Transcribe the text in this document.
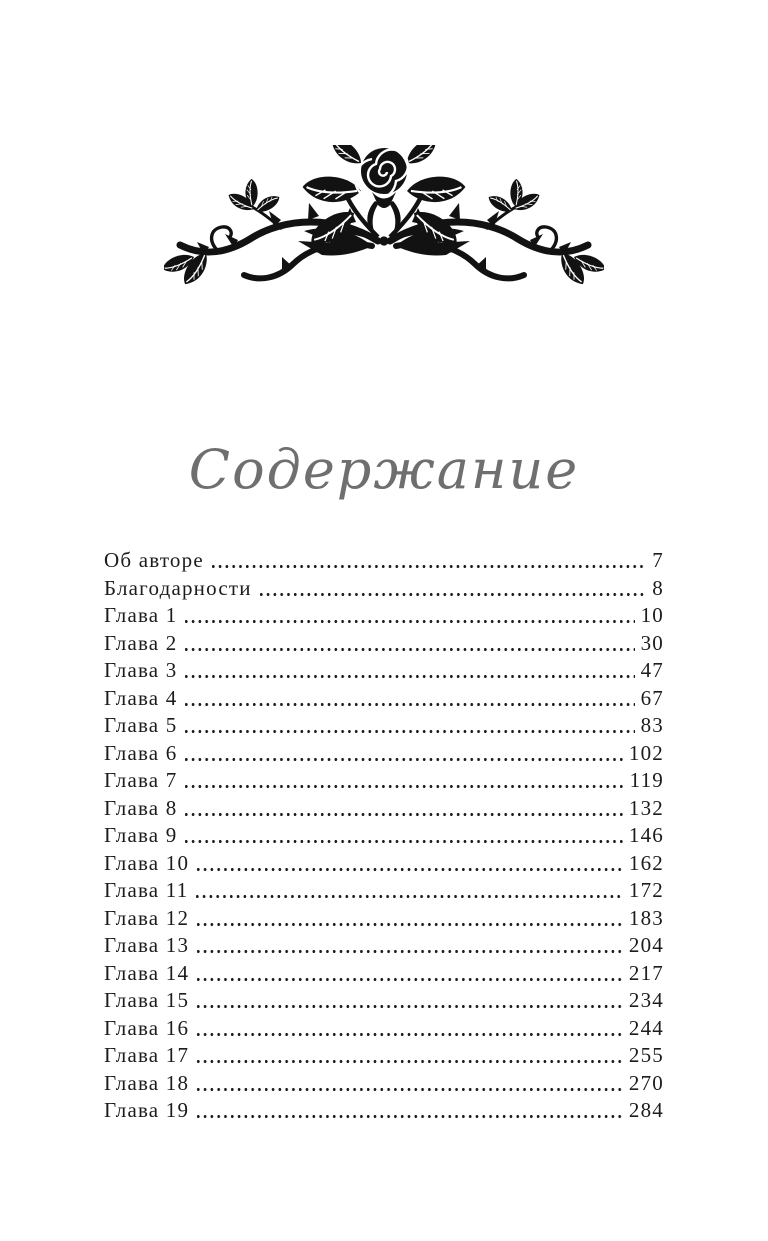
Содержание
Об авторе	7
Благодарности	8
Глава 1	10
Глава 2	30
Глава 3	47
Глава 4	67
Глава 5	83
Глава 6	102
Глава 7	119
Глава 8	132
Глава 9	146
Глава 10	162
Глава 11	172
Глава 12	183
Глава 13	204
Глава 14	217
Глава 15	234
Глава 16	244
Глава 17	255
Глава 18	270
Глава 19	284
